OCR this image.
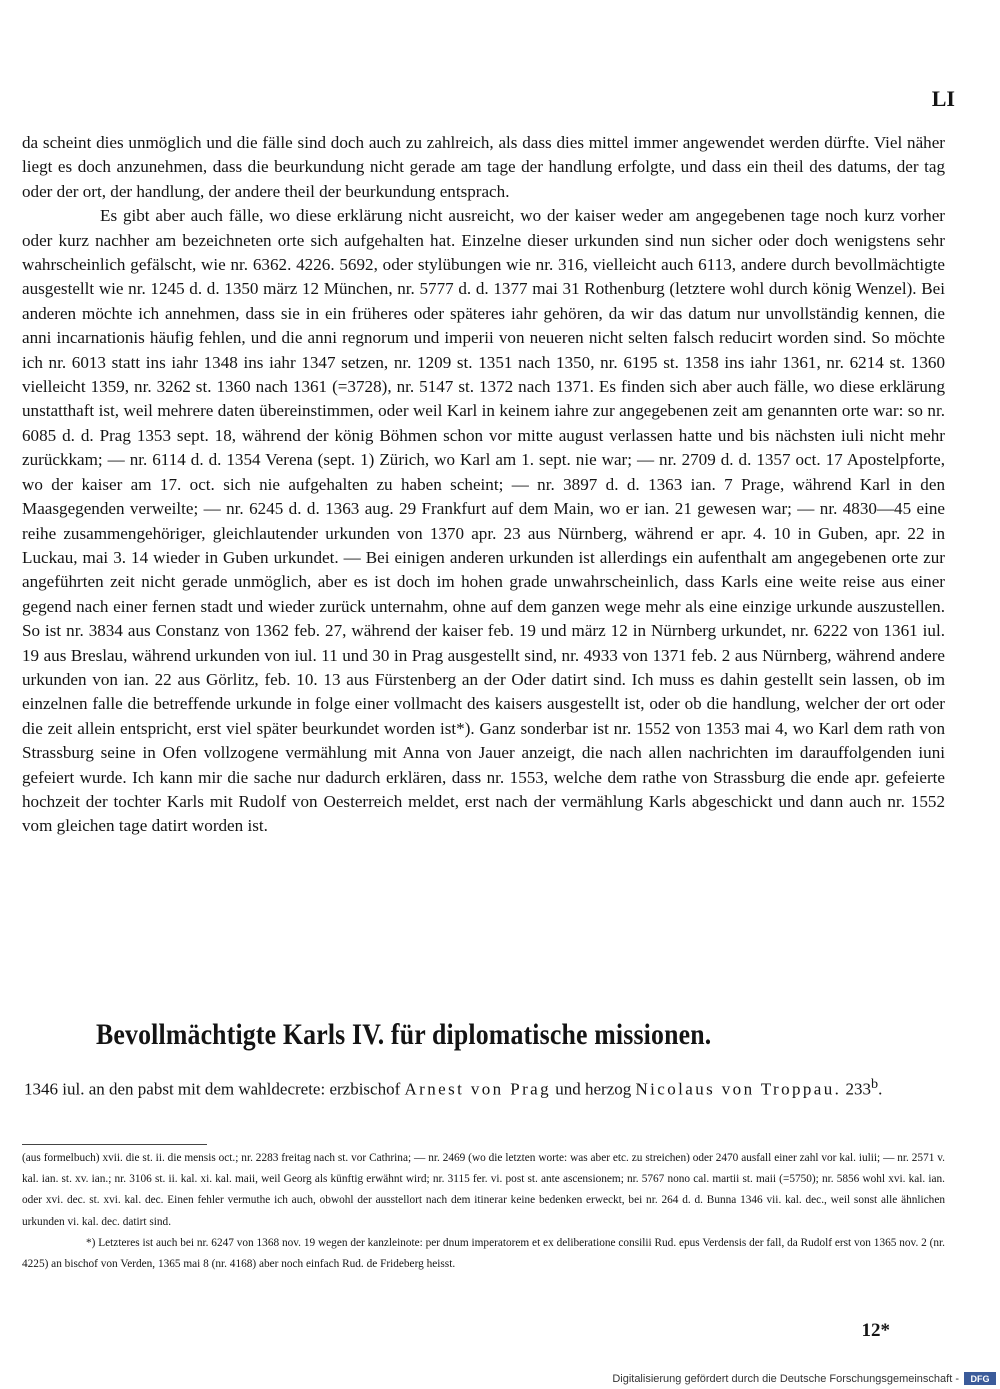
LI

da scheint dies unmöglich und die fälle sind doch auch zu zahlreich, als dass dies mittel immer angewendet werden dürfte. Viel näher liegt es doch anzunehmen, dass die beurkundung nicht gerade am tage der handlung erfolgte, und dass ein theil des datums, der tag oder der ort, der handlung, der andere theil der beurkundung entsprach.

Es gibt aber auch fälle, wo diese erklärung nicht ausreicht, wo der kaiser weder am angegebenen tage noch kurz vorher oder kurz nachher am bezeichneten orte sich aufgehalten hat. Einzelne dieser urkunden sind nun sicher oder doch wenigstens sehr wahrscheinlich gefälscht, wie nr. 6362. 4226. 5692, oder stylübungen wie nr. 316, vielleicht auch 6113, andere durch bevollmächtigte ausgestellt wie nr. 1245 d. d. 1350 märz 12 München, nr. 5777 d. d. 1377 mai 31 Rothenburg (letztere wohl durch könig Wenzel). Bei anderen möchte ich annehmen, dass sie in ein früheres oder späteres iahr gehören, da wir das datum nur unvollständig kennen, die anni incarnationis häufig fehlen, und die anni regnorum und imperii von neueren nicht selten falsch reducirt worden sind. So möchte ich nr. 6013 statt ins iahr 1348 ins iahr 1347 setzen, nr. 1209 st. 1351 nach 1350, nr. 6195 st. 1358 ins iahr 1361, nr. 6214 st. 1360 vielleicht 1359, nr. 3262 st. 1360 nach 1361 (=3728), nr. 5147 st. 1372 nach 1371. Es finden sich aber auch fälle, wo diese erklärung unstatthaft ist, weil mehrere daten übereinstimmen, oder weil Karl in keinem iahre zur angegebenen zeit am genannten orte war: so nr. 6085 d. d. Prag 1353 sept. 18, während der könig Böhmen schon vor mitte august verlassen hatte und bis nächsten iuli nicht mehr zurückkam; — nr. 6114 d. d. 1354 Verena (sept. 1) Zürich, wo Karl am 1. sept. nie war; — nr. 2709 d. d. 1357 oct. 17 Apostelpforte, wo der kaiser am 17. oct. sich nie aufgehalten zu haben scheint; — nr. 3897 d. d. 1363 ian. 7 Prage, während Karl in den Maasgegenden verweilte; — nr. 6245 d. d. 1363 aug. 29 Frankfurt auf dem Main, wo er ian. 21 gewesen war; — nr. 4830—45 eine reihe zusammengehöriger, gleichlautender urkunden von 1370 apr. 23 aus Nürnberg, während er apr. 4. 10 in Guben, apr. 22 in Luckau, mai 3. 14 wieder in Guben urkundet. — Bei einigen anderen urkunden ist allerdings ein aufenthalt am angegebenen orte zur angeführten zeit nicht gerade unmöglich, aber es ist doch im hohen grade unwahrscheinlich, dass Karls eine weite reise aus einer gegend nach einer fernen stadt und wieder zurück unternahm, ohne auf dem ganzen wege mehr als eine einzige urkunde auszustellen. So ist nr. 3834 aus Constanz von 1362 feb. 27, während der kaiser feb. 19 und märz 12 in Nürnberg urkundet, nr. 6222 von 1361 iul. 19 aus Breslau, während urkunden von iul. 11 und 30 in Prag ausgestellt sind, nr. 4933 von 1371 feb. 2 aus Nürnberg, während andere urkunden von ian. 22 aus Görlitz, feb. 10. 13 aus Fürstenberg an der Oder datirt sind. Ich muss es dahin gestellt sein lassen, ob im einzelnen falle die betreffende urkunde in folge einer vollmacht des kaisers ausgestellt ist, oder ob die handlung, welcher der ort oder die zeit allein entspricht, erst viel später beurkundet worden ist*). Ganz sonderbar ist nr. 1552 von 1353 mai 4, wo Karl dem rath von Strassburg seine in Ofen vollzogene vermählung mit Anna von Jauer anzeigt, die nach allen nachrichten im darauffolgenden iuni gefeiert wurde. Ich kann mir die sache nur dadurch erklären, dass nr. 1553, welche dem rathe von Strassburg die ende apr. gefeierte hochzeit der tochter Karls mit Rudolf von Oesterreich meldet, erst nach der vermählung Karls abgeschickt und dann auch nr. 1552 vom gleichen tage datirt worden ist.

Bevollmächtigte Karls IV. für diplomatische missionen.

1346 iul. an den pabst mit dem wahldecrete: erzbischof Arnest von Prag und herzog Nicolaus von Troppau. 233$^b$.

(aus formelbuch) xvii. die st. ii. die mensis oct.; nr. 2283 freitag nach st. vor Cathrina; — nr. 2469 (wo die letzten worte: was aber etc. zu streichen) oder 2470 ausfall einer zahl vor kal. iulii; — nr. 2571 v. kal. ian. st. xv. ian.; nr. 3106 st. ii. kal. xi. kal. maii, weil Georg als künftig erwähnt wird; nr. 3115 fer. vi. post st. ante ascensionem; nr. 5767 nono cal. martii st. maii (=5750); nr. 5856 wohl xvi. kal. ian. oder xvi. dec. st. xvi. kal. dec. Einen fehler vermuthe ich auch, obwohl der ausstellort nach dem itinerar keine bedenken erweckt, bei nr. 264 d. d. Bunna 1346 vii. kal. dec., weil sonst alle ähnlichen urkunden vi. kal. dec. datirt sind.

*) Letzteres ist auch bei nr. 6247 von 1368 nov. 19 wegen der kanzleinote: per dnum imperatorem et ex deliberatione consilii Rud. epus Verdensis der fall, da Rudolf erst von 1365 nov. 2 (nr. 4225) an bischof von Verden, 1365 mai 8 (nr. 4168) aber noch einfach Rud. de Frideberg heisst.

12*
Digitalisierung gefördert durch die Deutsche Forschungsgemeinschaft -	DFG
